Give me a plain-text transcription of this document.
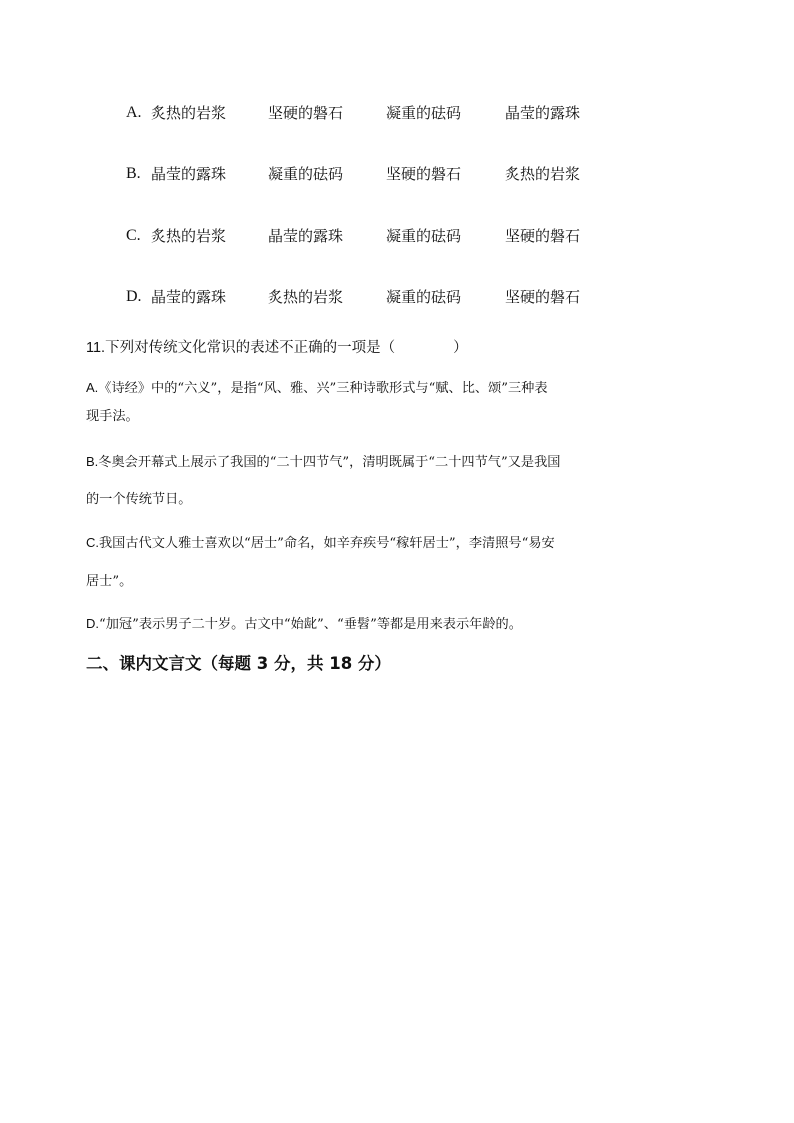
A. 炙热的岩浆	坚硬的磐石	凝重的砝码	晶莹的露珠
B. 晶莹的露珠	凝重的砝码	坚硬的磐石	炙热的岩浆
C. 炙热的岩浆	晶莹的露珠	凝重的砝码	坚硬的磐石
D. 晶莹的露珠	炙热的岩浆	凝重的砝码	坚硬的磐石
11.下列对传统文化常识的表述不正确的一项是（	）
A.《诗经》中的“六义”，是指“风、雅、兴”三种诗歌形式与“赋、比、颂”三种表
现手法。
B.冬奥会开幕式上展示了我国的“二十四节气”，清明既属于“二十四节气”又是我国
的一个传统节日。
C.我国古代文人雅士喜欢以“居士”命名，如辛弃疾号“稼轩居士”，李清照号“易安
居士”。
D.“加冠”表示男子二十岁。古文中“始龀”、“垂髫”等都是用来表示年龄的。
二、课内文言文（每题 3 分，共 18 分）
